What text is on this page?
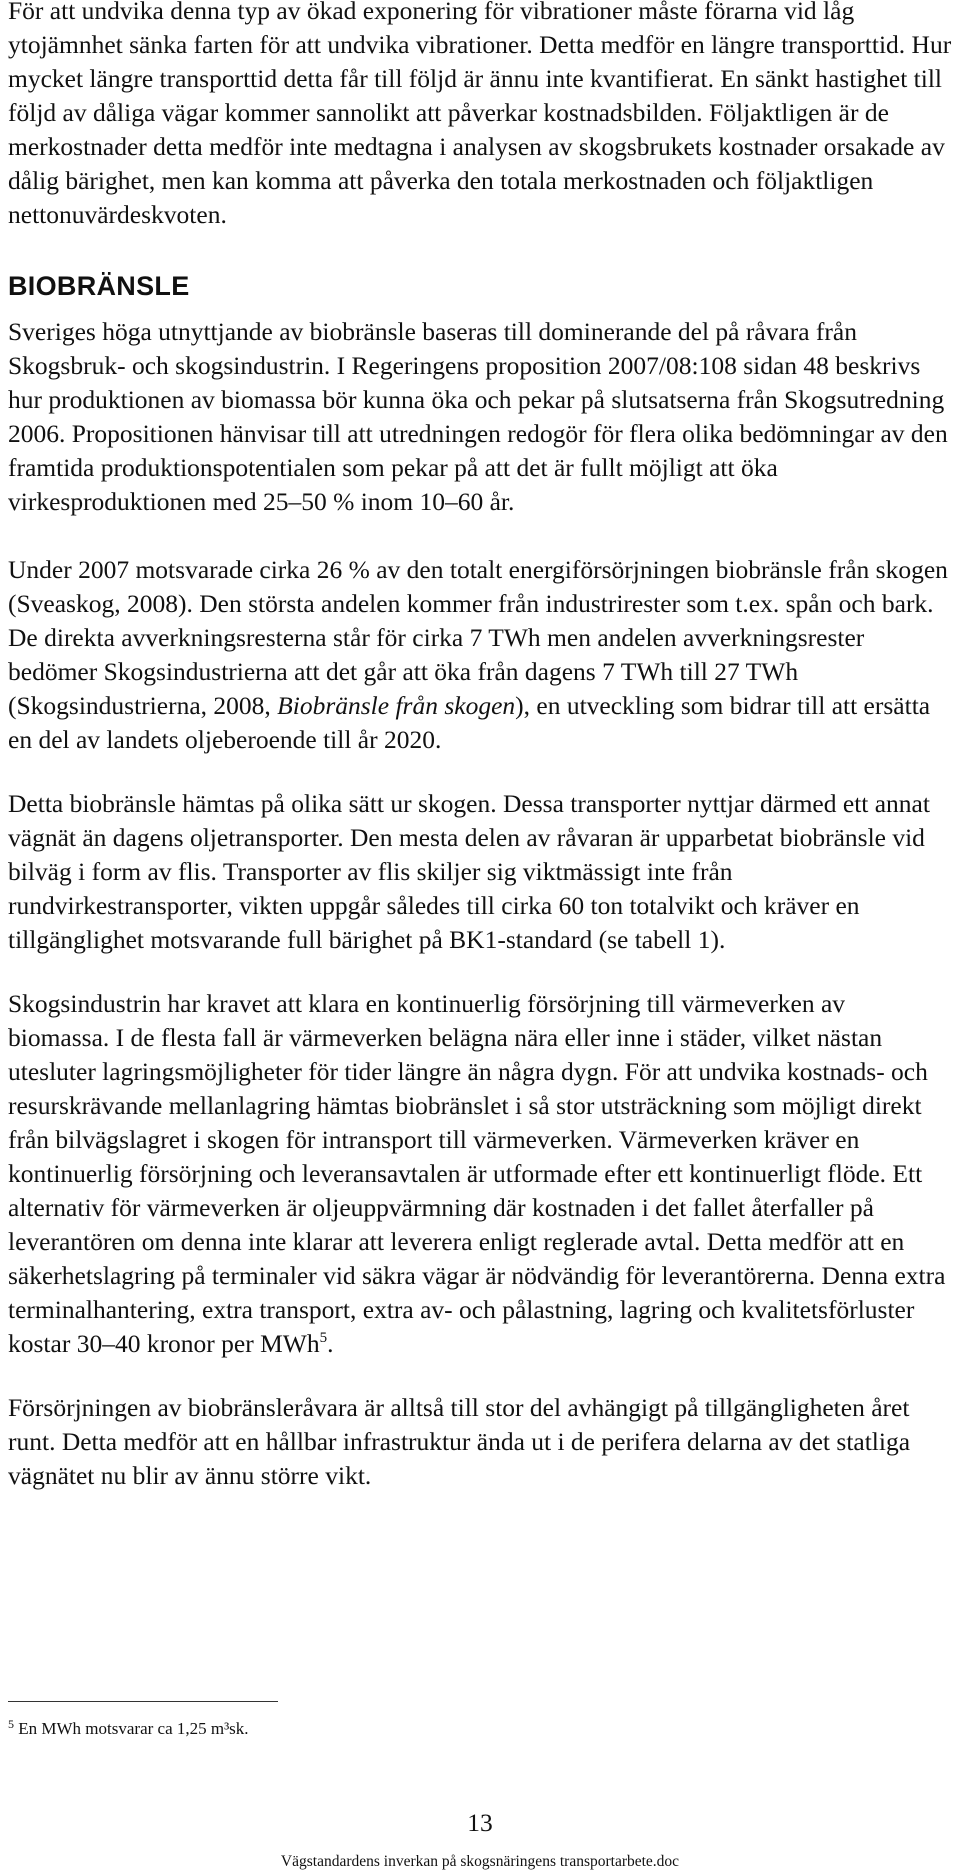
För att undvika denna typ av ökad exponering för vibrationer måste förarna vid låg ytojämnhet sänka farten för att undvika vibrationer. Detta medför en längre transporttid. Hur mycket längre transporttid detta får till följd är ännu inte kvantifierat. En sänkt hastighet till följd av dåliga vägar kommer sannolikt att påverkar kostnadsbilden. Följaktligen är de merkostnader detta medför inte medtagna i analysen av skogsbrukets kostnader orsakade av dålig bärighet, men kan komma att påverka den totala merkostnaden och följaktligen nettonuvärdeskvoten.

BIOBRÄNSLE

Sveriges höga utnyttjande av biobränsle baseras till dominerande del på råvara från Skogsbruk- och skogsindustrin. I Regeringens proposition 2007/08:108 sidan 48 beskrivs hur produktionen av biomassa bör kunna öka och pekar på slutsatserna från Skogsutredning 2006. Propositionen hänvisar till att utredningen redogör för flera olika bedömningar av den framtida produktionspotentialen som pekar på att det är fullt möjligt att öka virkesproduktionen med 25–50 % inom 10–60 år.

Under 2007 motsvarade cirka 26 % av den totalt energiförsörjningen biobränsle från skogen (Sveaskog, 2008). Den största andelen kommer från industrirester som t.ex. spån och bark. De direkta avverkningsresterna står för cirka 7 TWh men andelen avverkningsrester bedömer Skogsindustrierna att det går att öka från dagens 7 TWh till 27 TWh (Skogsindustrierna, 2008, Biobränsle från skogen), en utveckling som bidrar till att ersätta en del av landets oljeberoende till år 2020.

Detta biobränsle hämtas på olika sätt ur skogen. Dessa transporter nyttjar därmed ett annat vägnät än dagens oljetransporter. Den mesta delen av råvaran är upparbetat biobränsle vid bilväg i form av flis. Transporter av flis skiljer sig viktmässigt inte från rundvirkestransporter, vikten uppgår således till cirka 60 ton totalvikt och kräver en tillgänglighet motsvarande full bärighet på BK1-standard (se tabell 1).

Skogsindustrin har kravet att klara en kontinuerlig försörjning till värmeverken av biomassa. I de flesta fall är värmeverken belägna nära eller inne i städer, vilket nästan utesluter lagringsmöjligheter för tider längre än några dygn. För att undvika kostnads- och resurskrävande mellanlagring hämtas biobränslet i så stor utsträckning som möjligt direkt från bilvägslagret i skogen för intransport till värmeverken. Värmeverken kräver en kontinuerlig försörjning och leveransavtalen är utformade efter ett kontinuerligt flöde. Ett alternativ för värmeverken är oljeuppvärmning där kostnaden i det fallet återfaller på leverantören om denna inte klarar att leverera enligt reglerade avtal. Detta medför att en säkerhetslagring på terminaler vid säkra vägar är nödvändig för leverantörerna. Denna extra terminalhantering, extra transport, extra av- och pålastning, lagring och kvalitetsförluster kostar 30–40 kronor per MWh$^5$.

Försörjningen av biobränsleråvara är alltså till stor del avhängigt på tillgängligheten året runt. Detta medför att en hållbar infrastruktur ända ut i de perifera delarna av det statliga vägnätet nu blir av ännu större vikt.

$^5$ En MWh motsvarar ca 1,25 m³sk.
13
Vägstandardens inverkan på skogsnäringens transportarbete.doc
